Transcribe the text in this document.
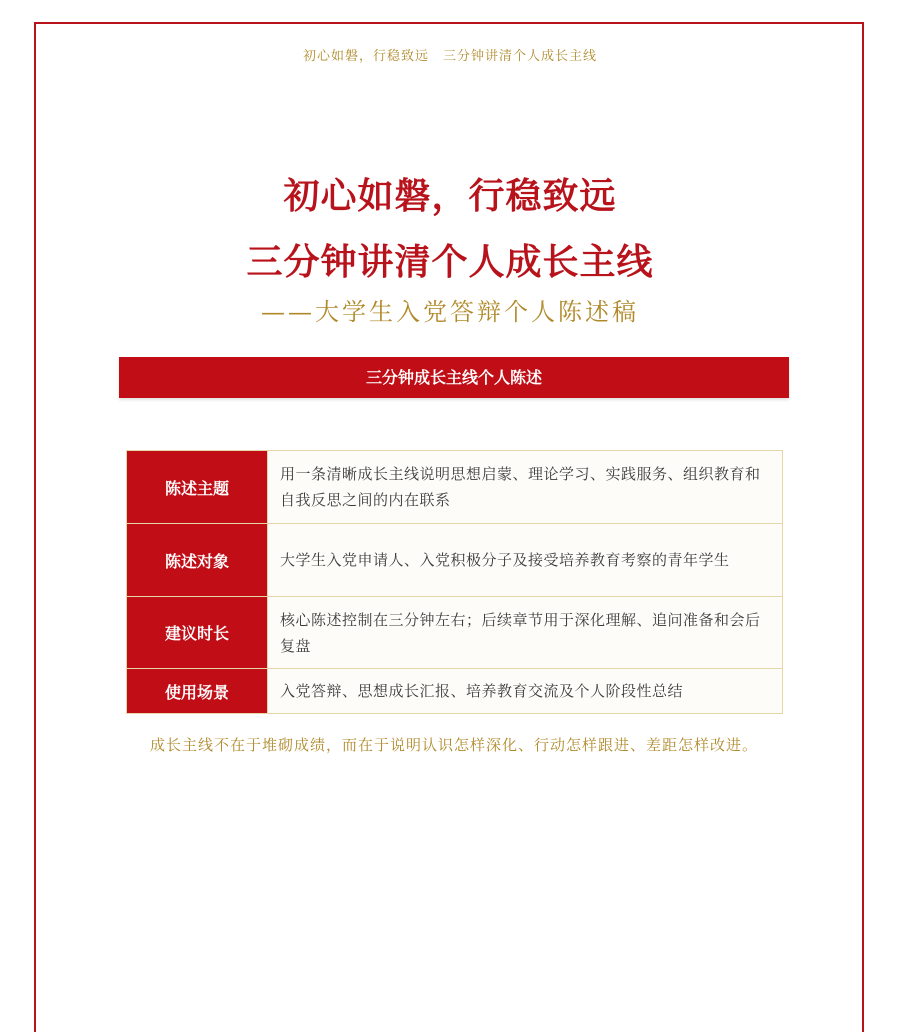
初心如磐，行稳致远　三分钟讲清个人成长主线
初心如磐，行稳致远
三分钟讲清个人成长主线
——大学生入党答辩个人陈述稿
三分钟成长主线个人陈述
陈述主题	用一条清晰成长主线说明思想启蒙、理论学习、实践服务、组织教育和自我反思之间的内在联系
陈述对象	大学生入党申请人、入党积极分子及接受培养教育考察的青年学生
建议时长	核心陈述控制在三分钟左右；后续章节用于深化理解、追问准备和会后复盘
使用场景	入党答辩、思想成长汇报、培养教育交流及个人阶段性总结
成长主线不在于堆砌成绩，而在于说明认识怎样深化、行动怎样跟进、差距怎样改进。
